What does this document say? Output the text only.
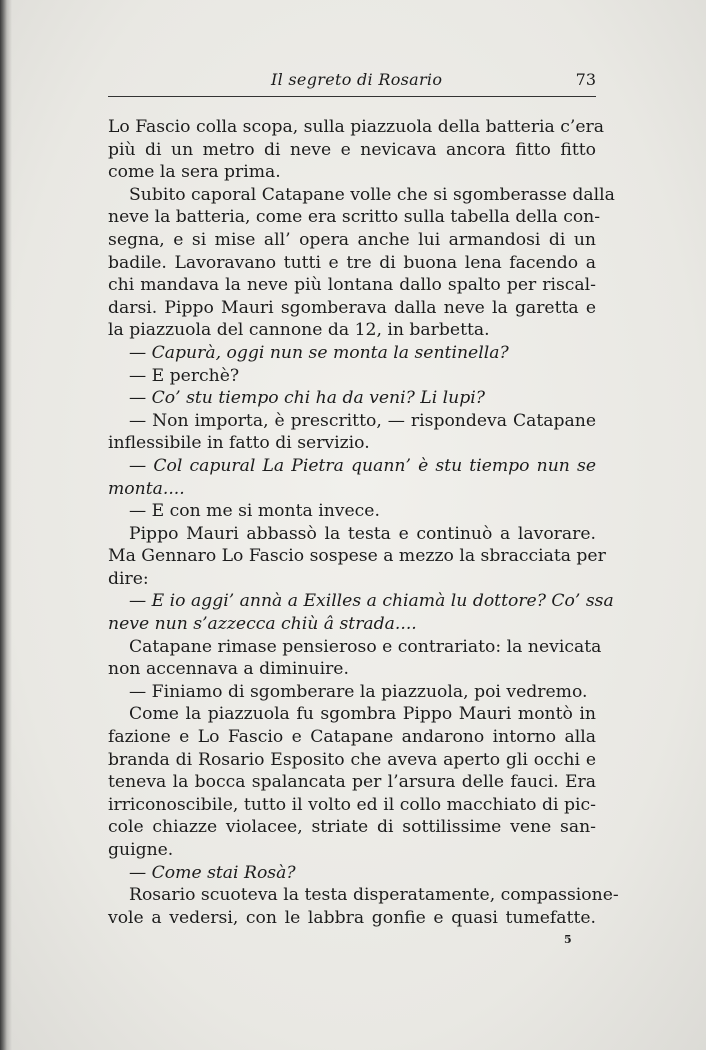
Il segreto di Rosario	73
Lo Fascio colla scopa, sulla piazzuola della batteria c’era
più di un metro di neve e nevicava ancora fitto fitto
come la sera prima.
Subito caporal Catapane volle che si sgomberasse dalla
neve la batteria, come era scritto sulla tabella della con-
segna, e si mise all’ opera anche lui armandosi di un
badile. Lavoravano tutti e tre di buona lena facendo a
chi mandava la neve più lontana dallo spalto per riscal-
darsi. Pippo Mauri sgomberava dalla neve la garetta e
la piazzuola del cannone da 12, in barbetta.
— Capurà, oggi nun se monta la sentinella?
— E perchè?
— Co’ stu tiempo chi ha da veni? Li lupi?
— Non importa, è prescritto, — rispondeva Catapane
inflessibile in fatto di servizio.
— Col capural La Pietra quann’ è stu tiempo nun se
monta....
— E con me si monta invece.
Pippo Mauri abbassò la testa e continuò a lavorare.
Ma Gennaro Lo Fascio sospese a mezzo la sbracciata per
dire:
— E io aggi’ annà a Exilles a chiamà lu dottore? Co’ ssa
neve nun s’azzecca chiù â strada....
Catapane rimase pensieroso e contrariato: la nevicata
non accennava a diminuire.
— Finiamo di sgomberare la piazzuola, poi vedremo.
Come la piazzuola fu sgombra Pippo Mauri montò in
fazione e Lo Fascio e Catapane andarono intorno alla
branda di Rosario Esposito che aveva aperto gli occhi e
teneva la bocca spalancata per l’arsura delle fauci. Era
irriconoscibile, tutto il volto ed il collo macchiato di pic-
cole chiazze violacee, striate di sottilissime vene san-
guigne.
— Come stai Rosà?
Rosario scuoteva la testa disperatamente, compassione-
vole a vedersi, con le labbra gonfie e quasi tumefatte.
5
